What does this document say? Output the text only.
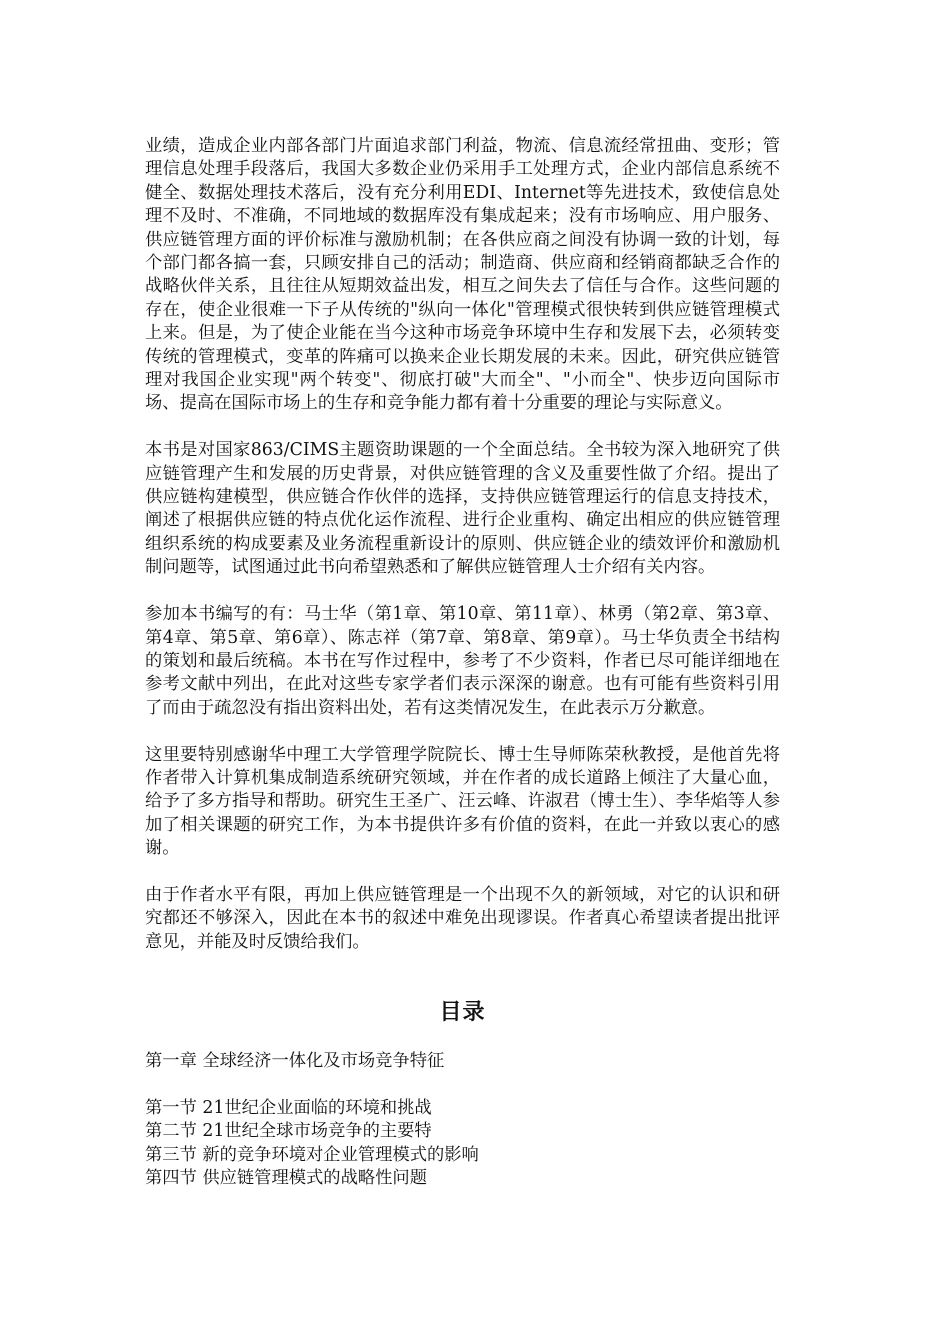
业绩，造成企业内部各部门片面追求部门利益，物流、信息流经常扭曲、变形；管理信息处理手段落后，我国大多数企业仍采用手工处理方式，企业内部信息系统不健全、数据处理技术落后，没有充分利用EDI、Internet等先进技术，致使信息处理不及时、不准确，不同地域的数据库没有集成起来；没有市场响应、用户服务、供应链管理方面的评价标准与激励机制；在各供应商之间没有协调一致的计划，每个部门都各搞一套，只顾安排自己的活动；制造商、供应商和经销商都缺乏合作的战略伙伴关系，且往往从短期效益出发，相互之间失去了信任与合作。这些问题的存在，使企业很难一下子从传统的"纵向一体化"管理模式很快转到供应链管理模式上来。但是，为了使企业能在当今这种市场竞争环境中生存和发展下去，必须转变传统的管理模式，变革的阵痛可以换来企业长期发展的未来。因此，研究供应链管理对我国企业实现"两个转变"、彻底打破"大而全"、"小而全"、快步迈向国际市场、提高在国际市场上的生存和竞争能力都有着十分重要的理论与实际意义。

本书是对国家863/CIMS主题资助课题的一个全面总结。全书较为深入地研究了供应链管理产生和发展的历史背景，对供应链管理的含义及重要性做了介绍。提出了供应链构建模型，供应链合作伙伴的选择，支持供应链管理运行的信息支持技术，阐述了根据供应链的特点优化运作流程、进行企业重构、确定出相应的供应链管理组织系统的构成要素及业务流程重新设计的原则、供应链企业的绩效评价和激励机制问题等，试图通过此书向希望熟悉和了解供应链管理人士介绍有关内容。

参加本书编写的有：马士华（第1章、第10章、第11章）、林勇（第2章、第3章、第4章、第5章、第6章）、陈志祥（第7章、第8章、第9章）。马士华负责全书结构的策划和最后统稿。本书在写作过程中，参考了不少资料，作者已尽可能详细地在参考文献中列出，在此对这些专家学者们表示深深的谢意。也有可能有些资料引用了而由于疏忽没有指出资料出处，若有这类情况发生，在此表示万分歉意。

这里要特别感谢华中理工大学管理学院院长、博士生导师陈荣秋教授，是他首先将作者带入计算机集成制造系统研究领域，并在作者的成长道路上倾注了大量心血，给予了多方指导和帮助。研究生王圣广、汪云峰、许淑君（博士生）、李华焰等人参加了相关课题的研究工作，为本书提供许多有价值的资料，在此一并致以衷心的感谢。

由于作者水平有限，再加上供应链管理是一个出现不久的新领域，对它的认识和研究都还不够深入，因此在本书的叙述中难免出现谬误。作者真心希望读者提出批评意见，并能及时反馈给我们。

目录
第一章 全球经济一体化及市场竞争特征
第一节 21世纪企业面临的环境和挑战
第二节 21世纪全球市场竞争的主要特
第三节 新的竞争环境对企业管理模式的影响
第四节 供应链管理模式的战略性问题
